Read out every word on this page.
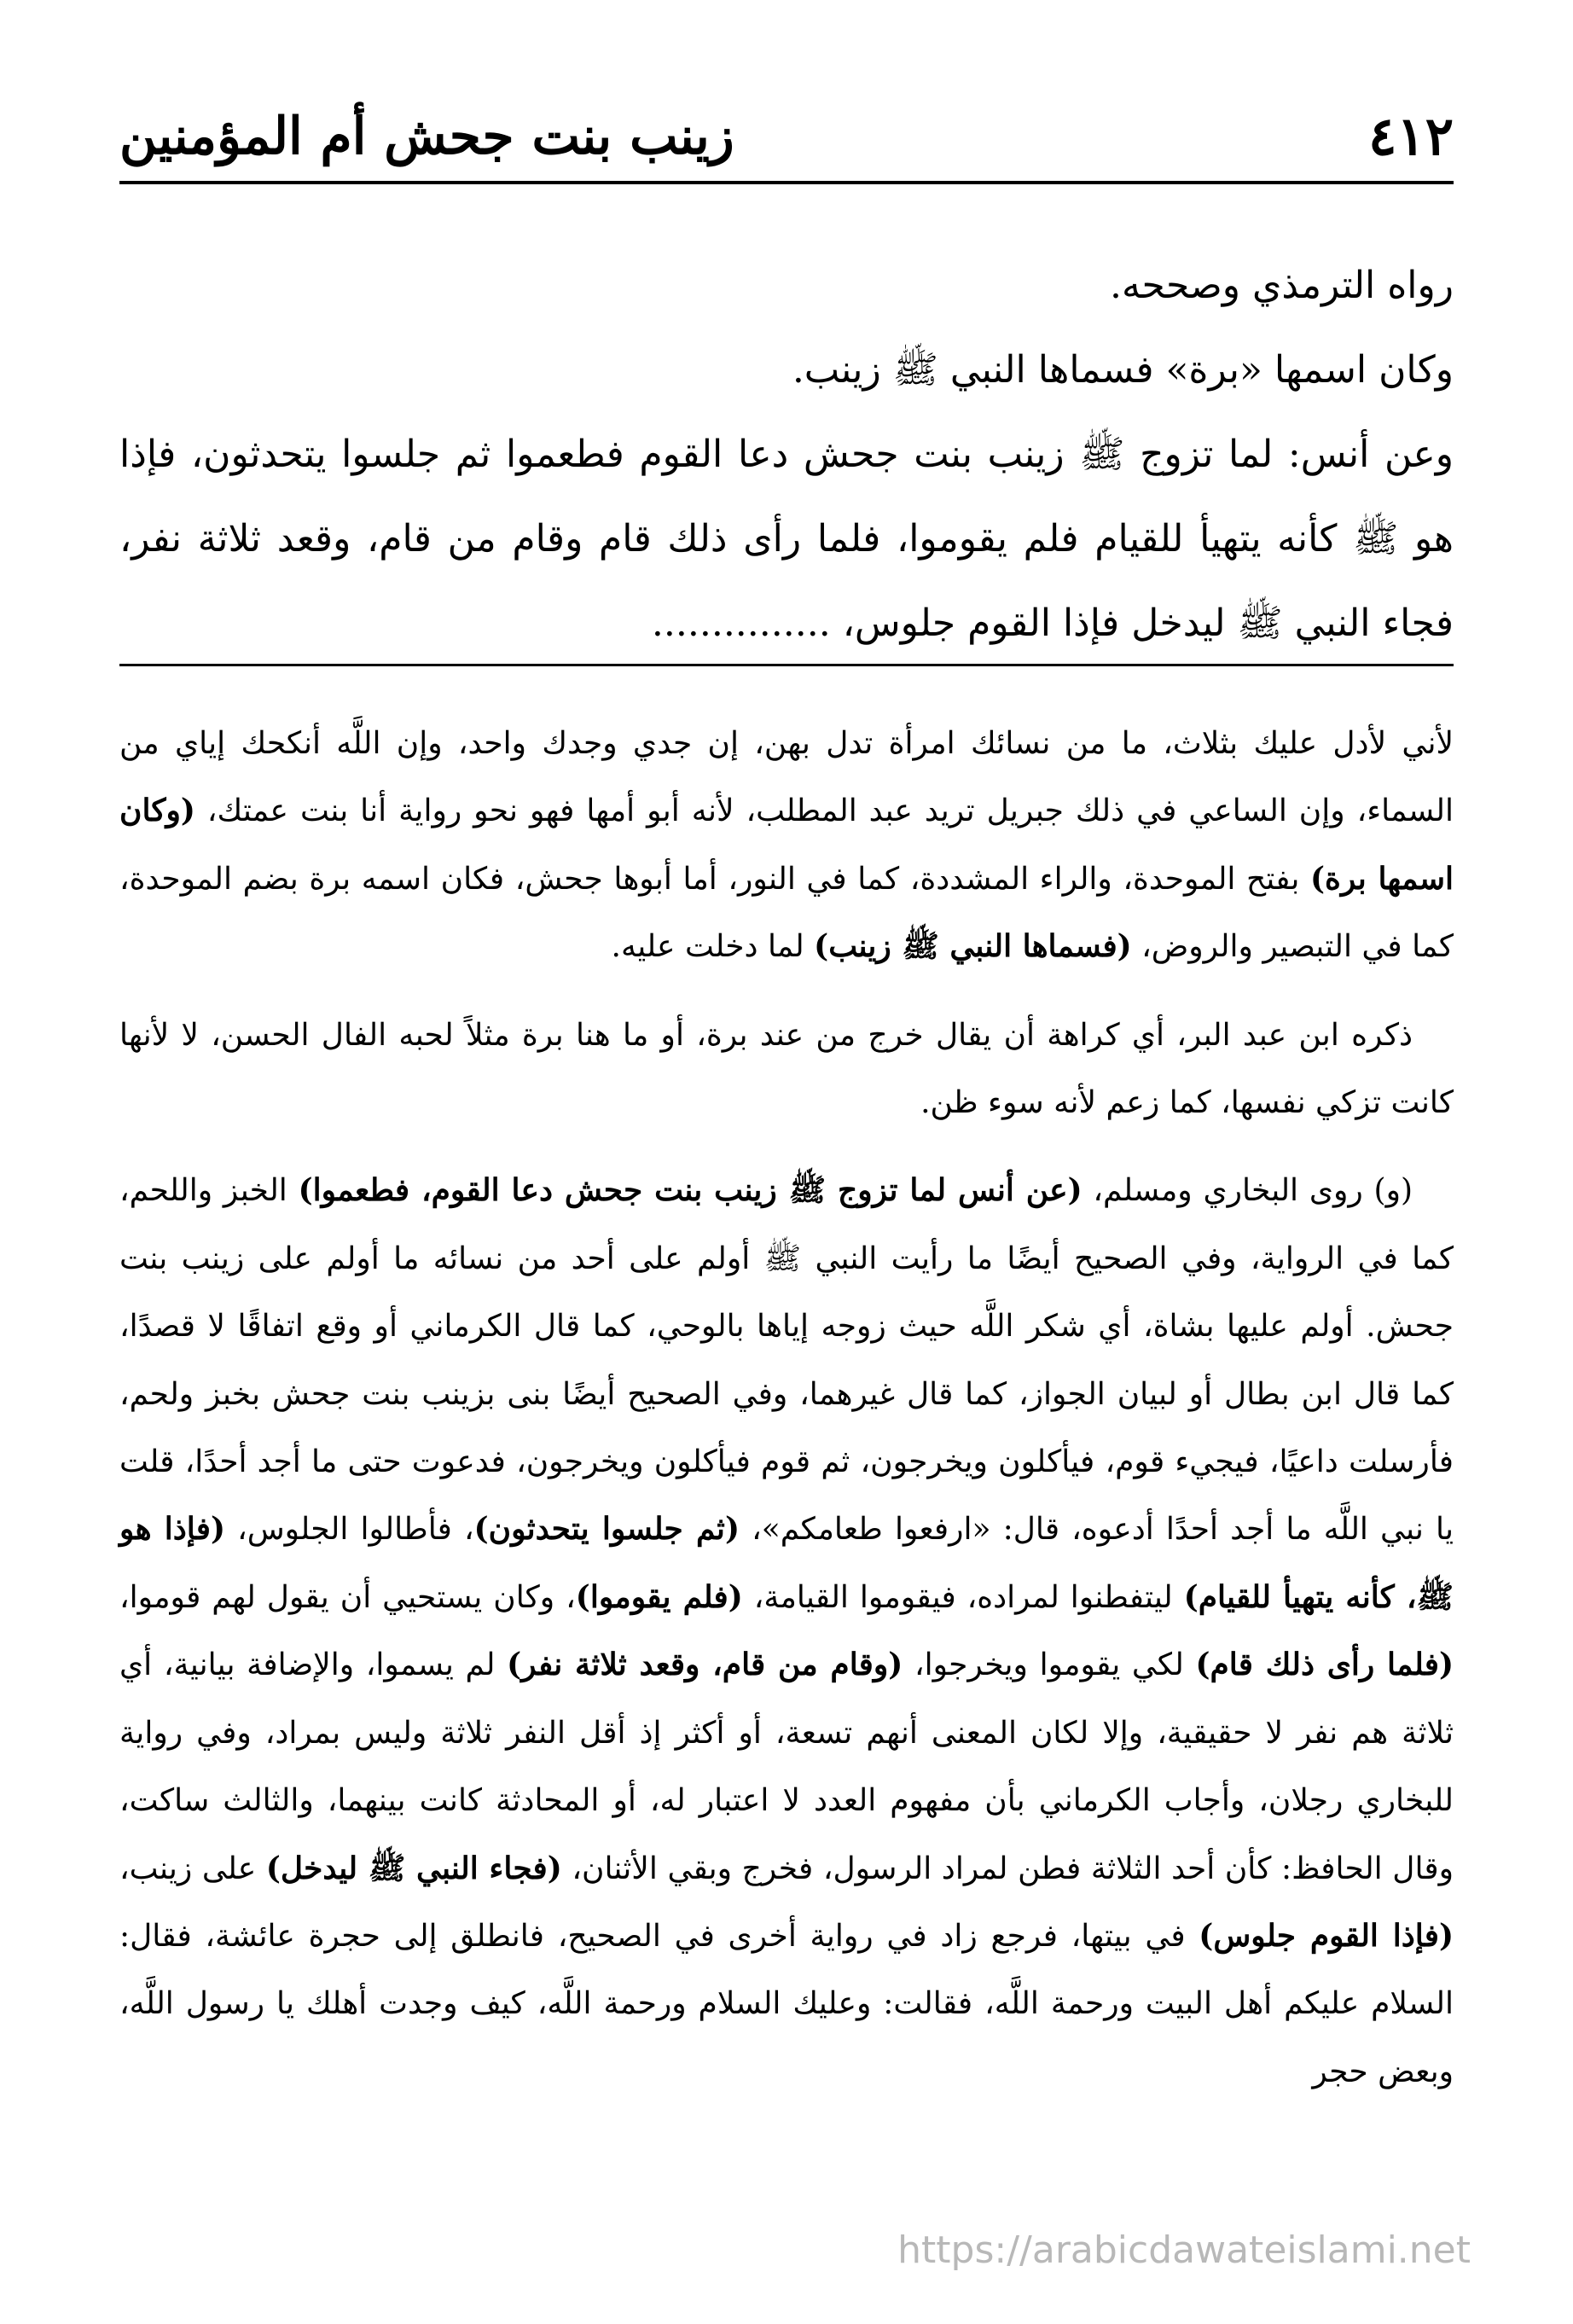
٤١٢
زينب بنت جحش أم المؤمنين

رواه الترمذي وصححه.

وكان اسمها «برة» فسماها النبي ﷺ زينب.

وعن أنس: لما تزوج ﷺ زينب بنت جحش دعا القوم فطعموا ثم جلسوا يتحدثون، فإذا هو ﷺ كأنه يتهيأ للقيام فلم يقوموا، فلما رأى ذلك قام وقام من قام، وقعد ثلاثة نفر، فجاء النبي ﷺ ليدخل فإذا القوم جلوس، ...............

لأني لأدل عليك بثلاث، ما من نسائك امرأة تدل بهن، إن جدي وجدك واحد، وإن اللَّه أنكحك إياي من السماء، وإن الساعي في ذلك جبريل تريد عبد المطلب، لأنه أبو أمها فهو نحو رواية أنا بنت عمتك، (وكان اسمها برة) بفتح الموحدة، والراء المشددة، كما في النور، أما أبوها جحش، فكان اسمه برة بضم الموحدة، كما في التبصير والروض، (فسماها النبي ﷺ زينب) لما دخلت عليه.

ذكره ابن عبد البر، أي كراهة أن يقال خرج من عند برة، أو ما هنا برة مثلاً لحبه الفال الحسن، لا لأنها كانت تزكي نفسها، كما زعم لأنه سوء ظن.

(و) روى البخاري ومسلم، (عن أنس لما تزوج ﷺ زينب بنت جحش دعا القوم، فطعموا) الخبز واللحم، كما في الرواية، وفي الصحيح أيضًا ما رأيت النبي ﷺ أولم على أحد من نسائه ما أولم على زينب بنت جحش. أولم عليها بشاة، أي شكر اللَّه حيث زوجه إياها بالوحي، كما قال الكرماني أو وقع اتفاقًا لا قصدًا، كما قال ابن بطال أو لبيان الجواز، كما قال غيرهما، وفي الصحيح أيضًا بنى بزينب بنت جحش بخبز ولحم، فأرسلت داعيًا، فيجيء قوم، فيأكلون ويخرجون، ثم قوم فيأكلون ويخرجون، فدعوت حتى ما أجد أحدًا، قلت يا نبي اللَّه ما أجد أحدًا أدعوه، قال: «ارفعوا طعامكم»، (ثم جلسوا يتحدثون)، فأطالوا الجلوس، (فإذا هو ﷺ، كأنه يتهيأ للقيام) ليتفطنوا لمراده، فيقوموا القيامة، (فلم يقوموا)، وكان يستحيي أن يقول لهم قوموا، (فلما رأى ذلك قام) لكي يقوموا ويخرجوا، (وقام من قام، وقعد ثلاثة نفر) لم يسموا، والإضافة بيانية، أي ثلاثة هم نفر لا حقيقية، وإلا لكان المعنى أنهم تسعة، أو أكثر إذ أقل النفر ثلاثة وليس بمراد، وفي رواية للبخاري رجلان، وأجاب الكرماني بأن مفهوم العدد لا اعتبار له، أو المحادثة كانت بينهما، والثالث ساكت، وقال الحافظ: كأن أحد الثلاثة فطن لمراد الرسول، فخرج وبقي الأثنان، (فجاء النبي ﷺ ليدخل) على زينب، (فإذا القوم جلوس) في بيتها، فرجع زاد في رواية أخرى في الصحيح، فانطلق إلى حجرة عائشة، فقال: السلام عليكم أهل البيت ورحمة اللَّه، فقالت: وعليك السلام ورحمة اللَّه، كيف وجدت أهلك يا رسول اللَّه، وبعض حجر

https://arabicdawateislami.net
